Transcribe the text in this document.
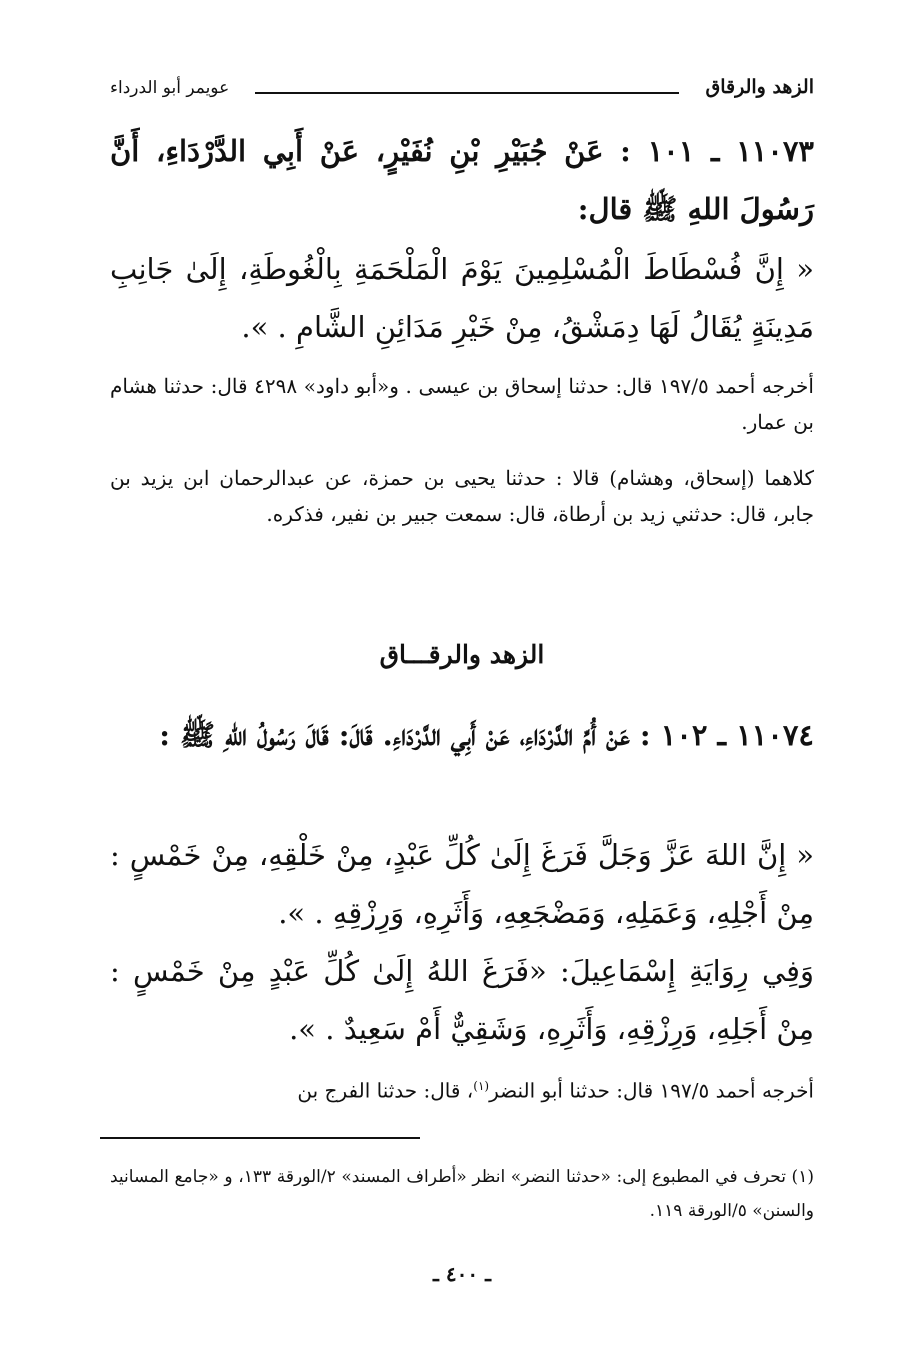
الزهد والرقاق
عويمر أبو الدرداء
١١٠٧٣ ـ ١٠١ : عَنْ جُبَيْرِ بْنِ نُفَيْرٍ، عَنْ أَبِي الدَّرْدَاءِ، أَنَّ رَسُولَ اللهِ ﷺ قال:
« إِنَّ فُسْطَاطَ الْمُسْلِمِينَ يَوْمَ الْمَلْحَمَةِ بِالْغُوطَةِ، إِلَىٰ جَانِبِ مَدِينَةٍ يُقَالُ لَهَا دِمَشْقُ، مِنْ خَيْرِ مَدَائِنِ الشَّامِ . ».
أخرجه أحمد ١٩٧/٥ قال: حدثنا إسحاق بن عيسى . و«أبو داود» ٤٢٩٨ قال: حدثنا هشام بن عمار.
كلاهما (إسحاق، وهشام) قالا : حدثنا يحيى بن حمزة، عن عبدالرحمان ابن يزيد بن جابر، قال: حدثني زيد بن أرطاة، قال: سمعت جبير بن نفير، فذكره.
الزهد والرقـــاق
١١٠٧٤ ـ ١٠٢ : عَنْ أُمِّ الدَّرْدَاءِ، عَنْ أَبِي الدَّرْدَاءِ. قَالَ: قَالَ رَسُولُ اللهِ ﷺ :
« إِنَّ اللهَ عَزَّ وَجَلَّ فَرَغَ إِلَىٰ كُلِّ عَبْدٍ، مِنْ خَلْقِهِ، مِنْ خَمْسٍ : مِنْ أَجْلِهِ، وَعَمَلِهِ، وَمَضْجَعِهِ، وَأَثَرِهِ، وَرِزْقِهِ . ».
وَفِي رِوَايَةِ إِسْمَاعِيلَ: «فَرَغَ اللهُ إِلَىٰ كُلِّ عَبْدٍ مِنْ خَمْسٍ : مِنْ أَجَلِهِ، وَرِزْقِهِ، وَأَثَرِهِ، وَشَقِيٌّ أَمْ سَعِيدٌ . ».
أخرجه أحمد ١٩٧/٥ قال: حدثنا أبو النضر$^{(١)}$، قال: حدثنا الفرج بن
(١) تحرف في المطبوع إلى: «حدثنا النضر» انظر «أطراف المسند» ٢/الورقة ١٣٣، و «جامع المسانيد والسنن» ٥/الورقة ١١٩.
ـ ٤٠٠ ـ
